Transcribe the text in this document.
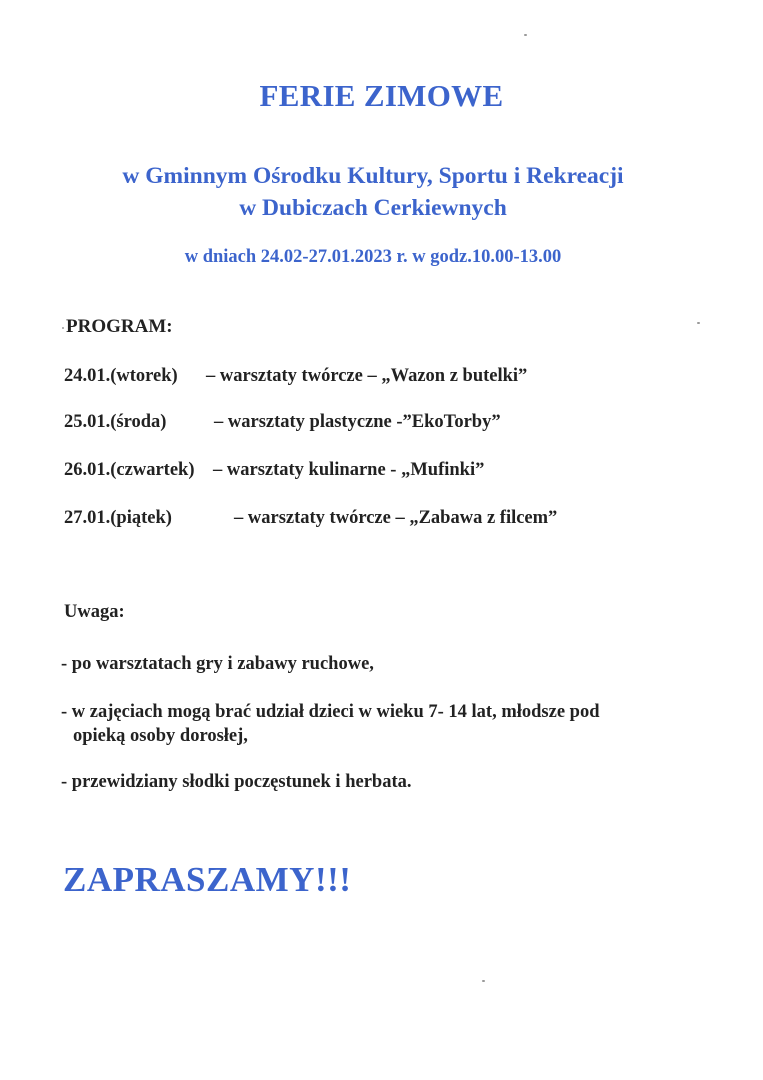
FERIE ZIMOWE
w Gminnym Ośrodku Kultury, Sportu i Rekreacji
w Dubiczach Cerkiewnych
w dniach 24.02-27.01.2023 r. w godz.10.00-13.00
PROGRAM:
24.01.(wtorek) – warsztaty twórcze – „Wazon z butelki”
25.01.(środa)	– warsztaty plastyczne -”EkoTorby”
26.01.(czwartek) – warsztaty kulinarne - „Mufinki”
27.01.(piątek)	– warsztaty twórcze – „Zabawa z filcem”
Uwaga:
- po warsztatach gry i zabawy ruchowe,
- w zajęciach mogą brać udział dzieci w wieku 7- 14 lat, młodsze pod
opieką osoby dorosłej,
- przewidziany słodki poczęstunek i herbata.
ZAPRASZAMY!!!
